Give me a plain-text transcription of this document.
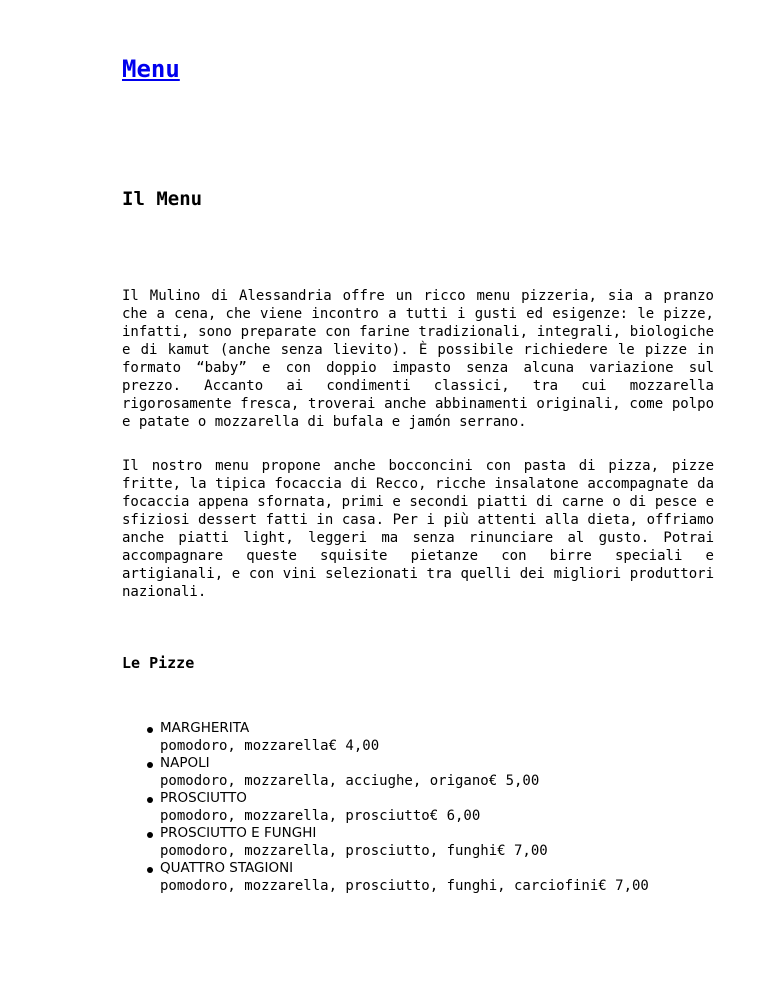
Menu
Il Menu

Il Mulino di Alessandria offre un ricco menu pizzeria, sia a pranzo che a cena, che viene incontro a tutti i gusti ed esigenze: le pizze, infatti, sono preparate con farine tradizionali, integrali, biologiche e di kamut (anche senza lievito). È possibile richiedere le pizze in formato “baby” e con doppio impasto senza alcuna variazione sul prezzo. Accanto ai condimenti classici, tra cui mozzarella rigorosamente fresca, troverai anche abbinamenti originali, come polpo e patate o mozzarella di bufala e jamón serrano.

Il nostro menu propone anche bocconcini con pasta di pizza, pizze fritte, la tipica focaccia di Recco, ricche insalatone accompagnate da focaccia appena sfornata, primi e secondi piatti di carne o di pesce e sfiziosi dessert fatti in casa. Per i più attenti alla dieta, offriamo anche piatti light, leggeri ma senza rinunciare al gusto. Potrai accompagnare queste squisite pietanze con birre speciali e artigianali, e con vini selezionati tra quelli dei migliori produttori nazionali.

Le Pizze
MARGHERITA
pomodoro, mozzarella€ 4,00
NAPOLI
pomodoro, mozzarella, acciughe, origano€ 5,00
PROSCIUTTO
pomodoro, mozzarella, prosciutto€ 6,00
PROSCIUTTO E FUNGHI
pomodoro, mozzarella, prosciutto, funghi€ 7,00
QUATTRO STAGIONI
pomodoro, mozzarella, prosciutto, funghi, carciofini€ 7,00
